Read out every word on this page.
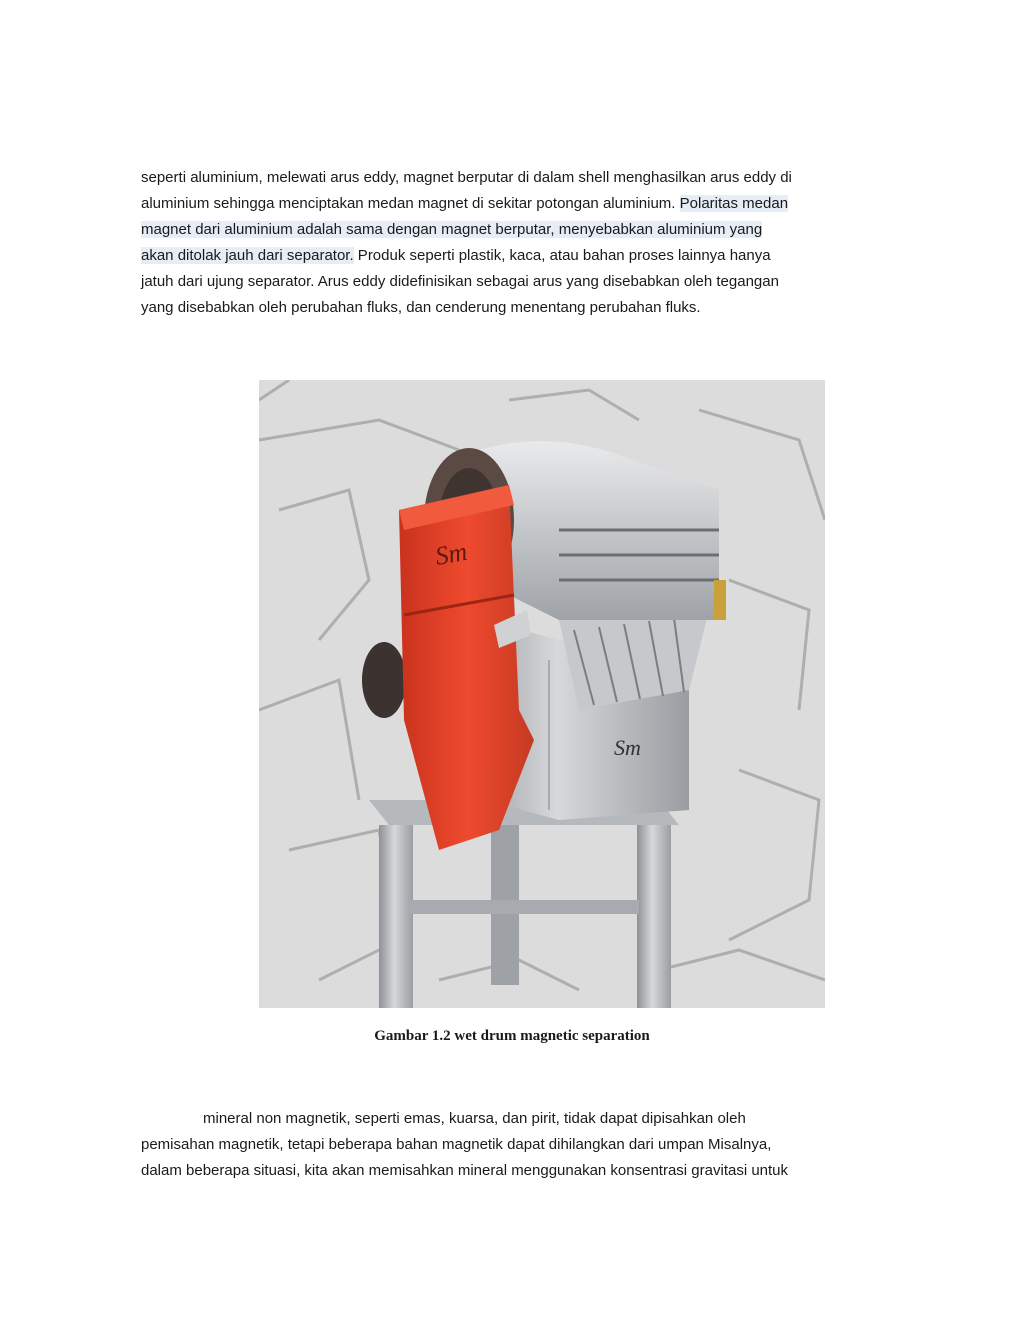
seperti aluminium, melewati arus eddy, magnet berputar di dalam shell menghasilkan arus eddy di
aluminium sehingga menciptakan medan magnet di sekitar potongan aluminium. Polaritas medan
magnet dari aluminium adalah sama dengan magnet berputar, menyebabkan aluminium yang
akan ditolak jauh dari separator. Produk seperti plastik, kaca, atau bahan proses lainnya hanya
jatuh dari ujung separator. Arus eddy didefinisikan sebagai arus yang disebabkan oleh tegangan
yang disebabkan oleh perubahan fluks, dan cenderung menentang perubahan fluks.

Sm
Sm
Gambar 1.2 wet drum magnetic separation

mineral non magnetik, seperti emas, kuarsa, dan pirit, tidak dapat dipisahkan oleh
pemisahan magnetik, tetapi beberapa bahan magnetik dapat dihilangkan dari umpan Misalnya,
dalam beberapa situasi, kita akan memisahkan mineral menggunakan konsentrasi gravitasi untuk
